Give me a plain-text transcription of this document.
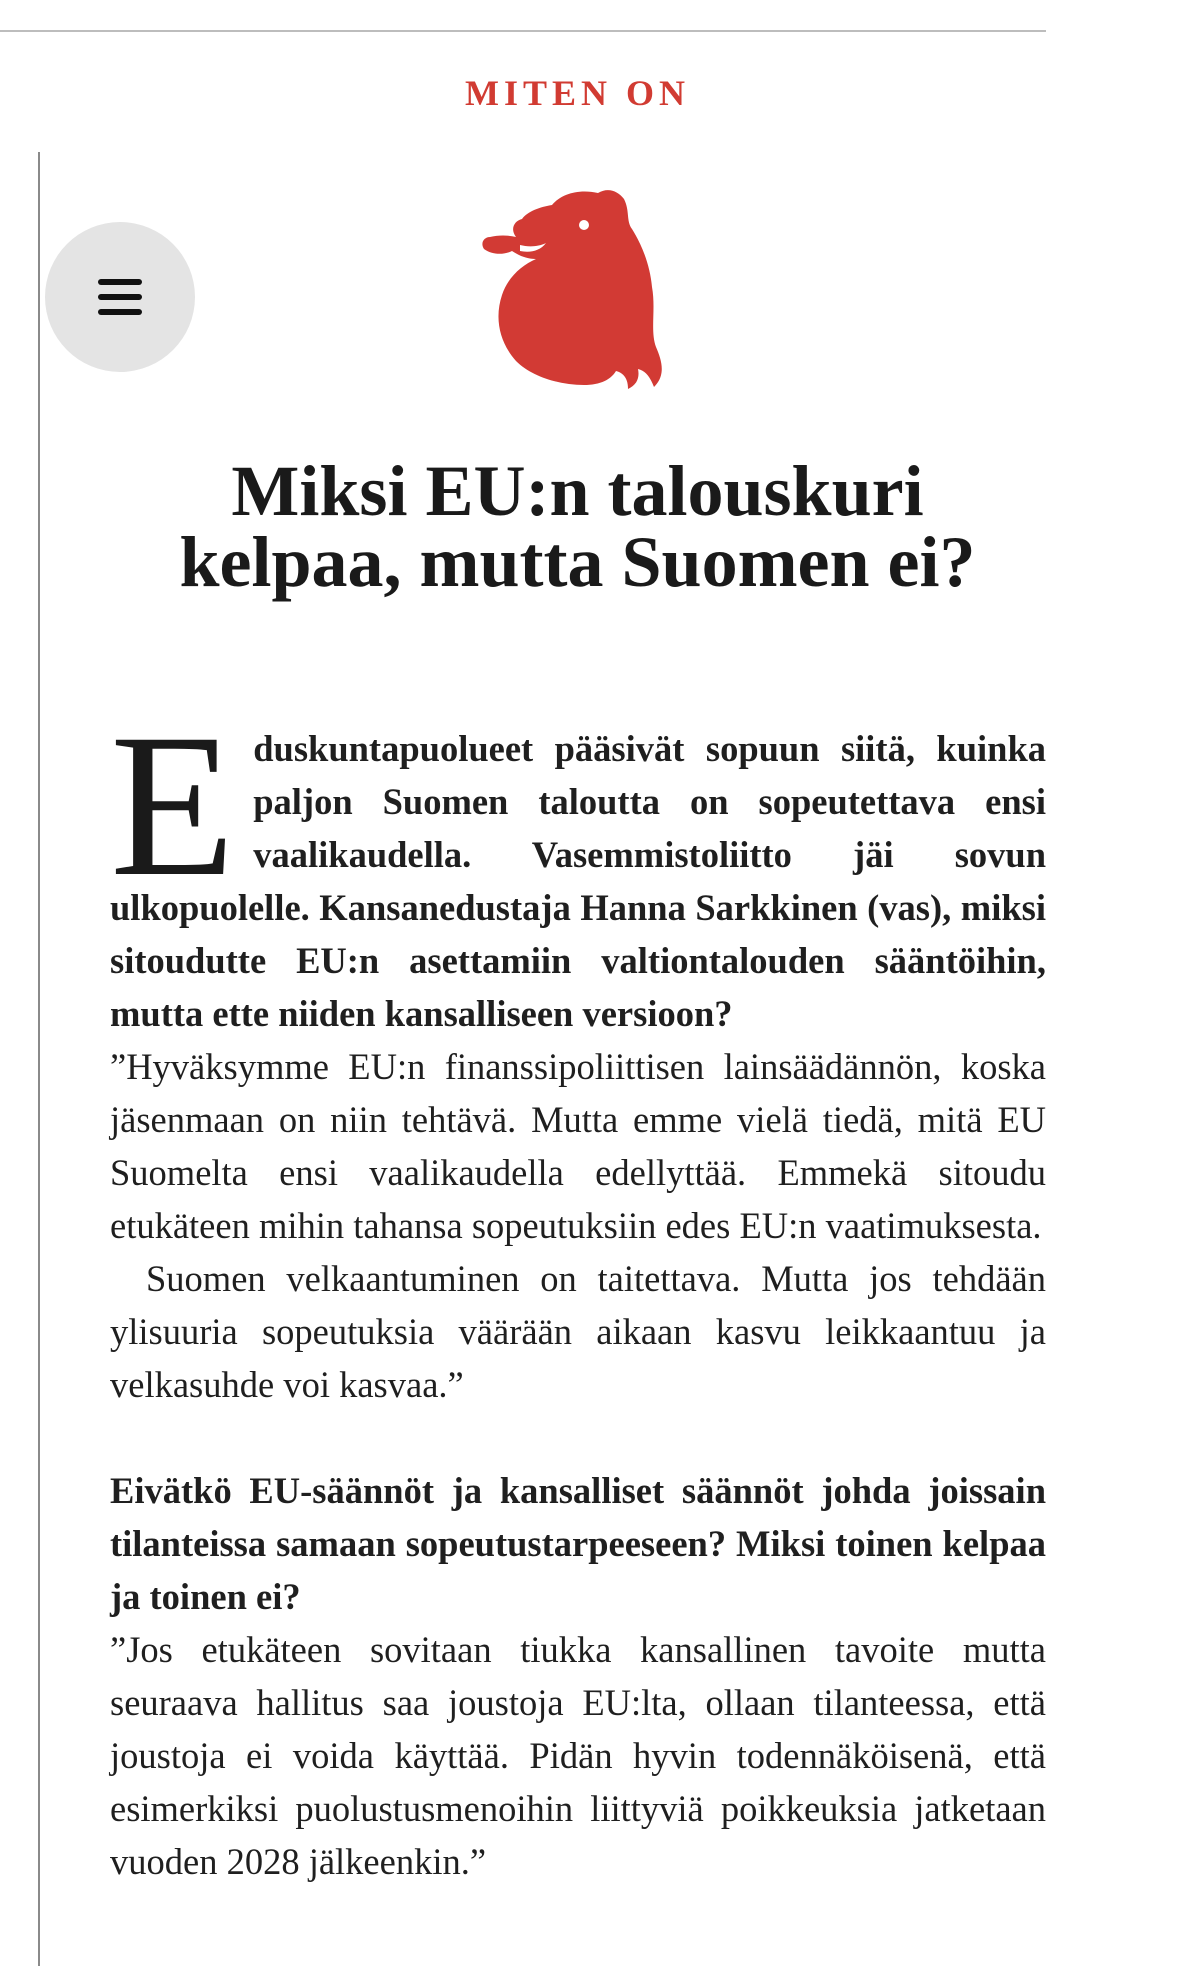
MITEN ON
Miksi EU:n talouskuri kelpaa, mutta Suomen ei?

Eduskuntapuolueet pääsivät sopuun siitä, kuinka paljon Suomen taloutta on sopeutettava ensi vaalikaudella. Vasemmistoliitto jäi sovun ulkopuolelle. Kansanedustaja Hanna Sarkkinen (vas), miksi sitoudutte EU:n asettamiin valtiontalouden sääntöihin, mutta ette niiden kansalliseen versioon?

”Hyväksymme EU:n finanssipoliittisen lainsäädännön, koska jäsenmaan on niin tehtävä. Mutta emme vielä tiedä, mitä EU Suomelta ensi vaalikaudella edellyttää. Emmekä sitoudu etukäteen mihin tahansa sopeutuksiin edes EU:n vaatimuksesta.

Suomen velkaantuminen on taitettava. Mutta jos tehdään ylisuuria sopeutuksia väärään aikaan kasvu leikkaantuu ja velkasuhde voi kasvaa.”

Eivätkö EU-säännöt ja kansalliset säännöt johda joissain tilanteissa samaan sopeutustarpeeseen? Miksi toinen kelpaa ja toinen ei?

”Jos etukäteen sovitaan tiukka kansallinen tavoite mutta seuraava hallitus saa joustoja EU:lta, ollaan tilanteessa, että joustoja ei voida käyttää. Pidän hyvin todennäköisenä, että esimerkiksi puolustusmenoihin liittyviä poikkeuksia jatketaan vuoden 2028 jälkeenkin.”
